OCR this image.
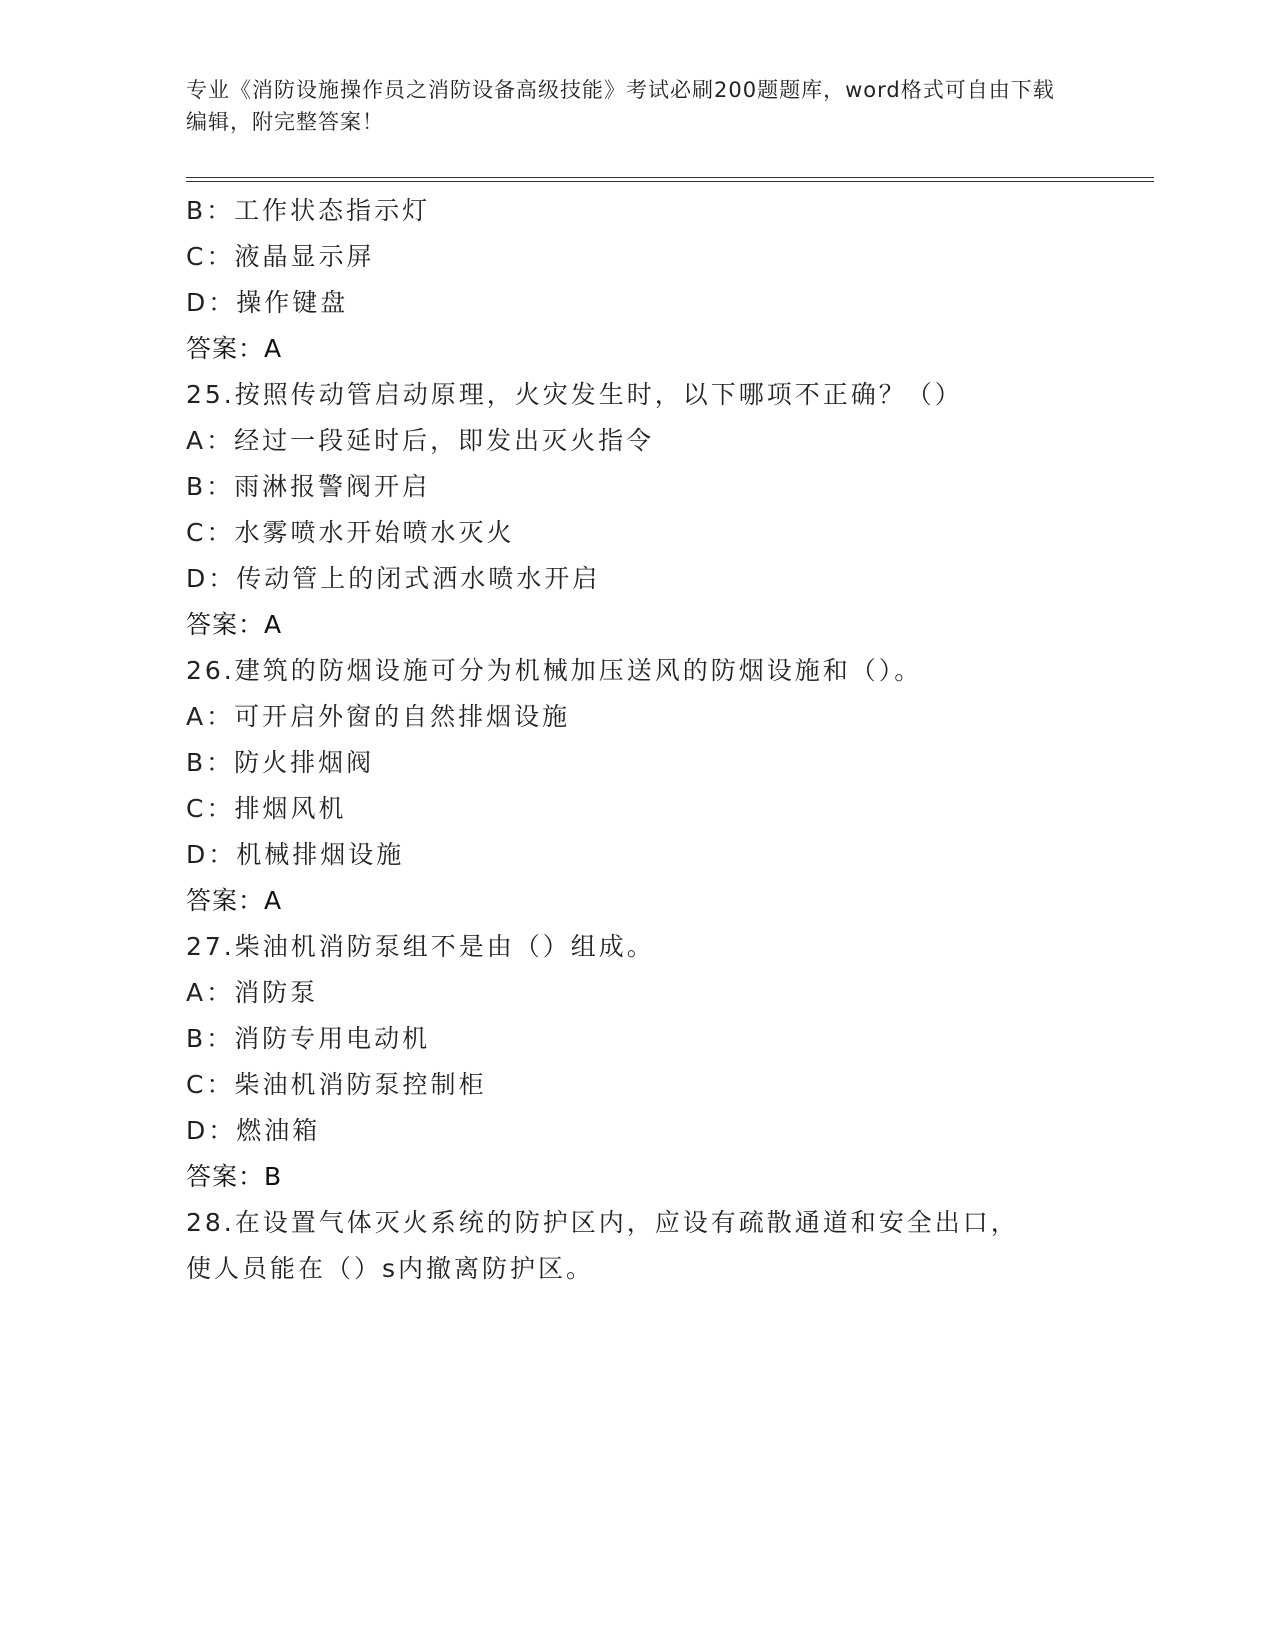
专业《消防设施操作员之消防设备高级技能》考试必刷200题题库，word格式可自由下载编辑，附完整答案！
B：工作状态指示灯
C：液晶显示屏
D：操作键盘
答案：A
25.按照传动管启动原理，火灾发生时，以下哪项不正确？（）
A：经过一段延时后，即发出灭火指令
B：雨淋报警阀开启
C：水雾喷水开始喷水灭火
D：传动管上的闭式洒水喷水开启
答案：A
26.建筑的防烟设施可分为机械加压送风的防烟设施和（）。
A：可开启外窗的自然排烟设施
B：防火排烟阀
C：排烟风机
D：机械排烟设施
答案：A
27.柴油机消防泵组不是由（）组成。
A：消防泵
B：消防专用电动机
C：柴油机消防泵控制柜
D：燃油箱
答案：B
28.在设置气体灭火系统的防护区内，应设有疏散通道和安全出口，使人员能在（）s内撤离防护区。
